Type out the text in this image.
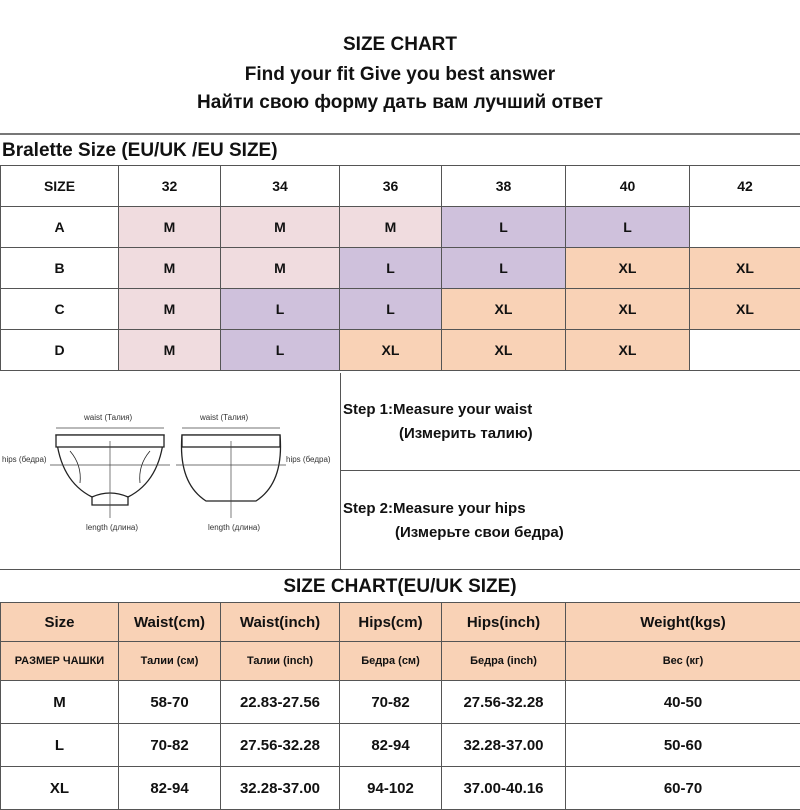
SIZE CHART
Find your fit Give you best answer
Найти свою форму дать вам лучший ответ
Bralette Size (EU/UK /EU SIZE)
SIZE	32	34	36	38	40	42
A	M	M	M	L	L	
B	M	M	L	L	XL	XL
C	M	L	L	XL	XL	XL
D	M	L	XL	XL	XL	
waist (Талия)	waist (Талия)
hips (бедра)	hips (бедра)
length (длина)	length (длина)
Step 1:Measure your waist
(Измерить талию)
Step 2:Measure your hips
(Измерьте свои бедра)
SIZE CHART(EU/UK SIZE)
Size	Waist(cm)	Waist(inch)	Hips(cm)	Hips(inch)	Weight(kgs)
РАЗМЕР ЧАШКИ	Талии (см)	Талии (inch)	Бедра (см)	Бедра (inch)	Вес (кг)
M	58-70	22.83-27.56	70-82	27.56-32.28	40-50
L	70-82	27.56-32.28	82-94	32.28-37.00	50-60
XL	82-94	32.28-37.00	94-102	37.00-40.16	60-70
